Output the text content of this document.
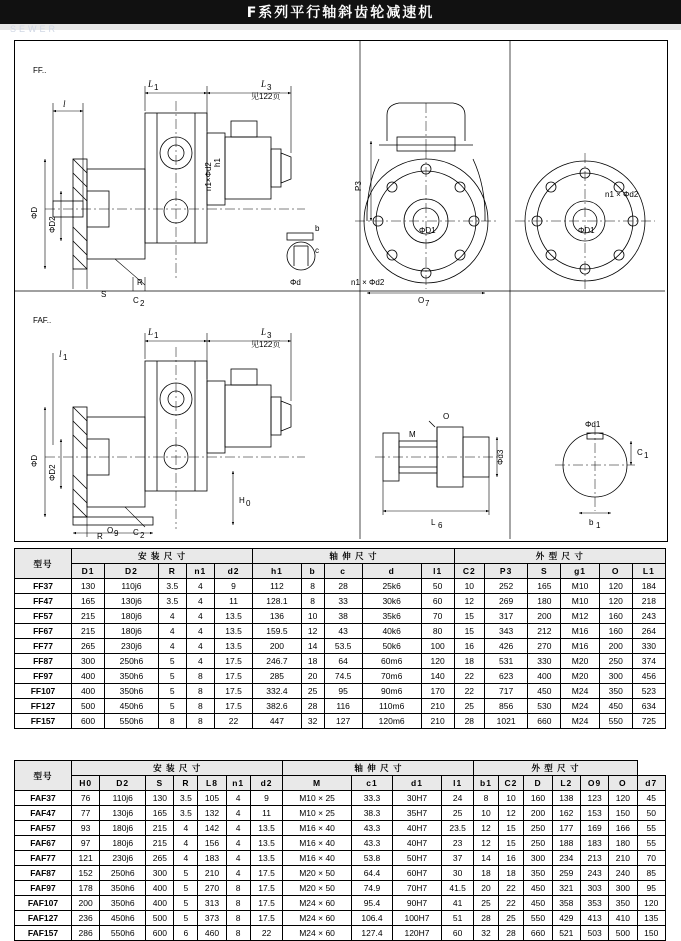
F系列平行轴斜齿轮减速机
SEWER
FF..
L 1	L 3
见122页
l
ΦD
ΦD2
S
R
C 2
b
Φd
c
h1
n1×Φd2
FAF..
L 1	L 3
见122页
l 1
ΦD
ΦD2
H 0
R	C 2
O 9
P3
ΦD1
O 7
n1 × Φd2
ΦD1
n1 × Φd2
O
M
Φd3
L 6
Φd1
C 1
b 1
型号	安 装 尺 寸					轴 伸 尺 寸					外 型 尺 寸					
	D1	D2	R	n1	d2	h1	b	c	d	l1	C2	P3	S	g1	O	L1
FF37	130	110j6	3.5	4	9	112	8	28	25k6	50	10	252	165	M10	120	184
FF47	165	130j6	3.5	4	11	128.1	8	33	30k6	60	12	269	180	M10	120	218
FF57	215	180j6	4	4	13.5	136	10	38	35k6	70	15	317	200	M12	160	243
FF67	215	180j6	4	4	13.5	159.5	12	43	40k6	80	15	343	212	M16	160	264
FF77	265	230j6	4	4	13.5	200	14	53.5	50k6	100	16	426	270	M16	200	330
FF87	300	250h6	5	4	17.5	246.7	18	64	60m6	120	18	531	330	M20	250	374
FF97	400	350h6	5	8	17.5	285	20	74.5	70m6	140	22	623	400	M20	300	456
FF107	400	350h6	5	8	17.5	332.4	25	95	90m6	170	22	717	450	M24	350	523
FF127	500	450h6	5	8	17.5	382.6	28	116	110m6	210	25	856	530	M24	450	634
FF157	600	550h6	8	8	22	447	32	127	120m6	210	28	1021	660	M24	550	725
型号	安 装 尺 寸							轴 伸 尺 寸				外 型 尺 寸						
	H0	D2	S	R	L8	n1	d2	M	c1	d1	l1	b1	C2	D	L2	O9	O	d7
FAF37	76	110j6	130	3.5	105	4	9	M10 × 25	33.3	30H7	24	8	10	160	138	123	120	45
FAF47	77	130j6	165	3.5	132	4	11	M10 × 25	38.3	35H7	25	10	12	200	162	153	150	50
FAF57	93	180j6	215	4	142	4	13.5	M16 × 40	43.3	40H7	23.5	12	15	250	177	169	166	55
FAF67	97	180j6	215	4	156	4	13.5	M16 × 40	43.3	40H7	23	12	15	250	188	183	180	55
FAF77	121	230j6	265	4	183	4	13.5	M16 × 40	53.8	50H7	37	14	16	300	234	213	210	70
FAF87	152	250h6	300	5	210	4	17.5	M20 × 50	64.4	60H7	30	18	18	350	259	243	240	85
FAF97	178	350h6	400	5	270	8	17.5	M20 × 50	74.9	70H7	41.5	20	22	450	321	303	300	95
FAF107	200	350h6	400	5	313	8	17.5	M24 × 60	95.4	90H7	41	25	22	450	358	353	350	120
FAF127	236	450h6	500	5	373	8	17.5	M24 × 60	106.4	100H7	51	28	25	550	429	413	410	135
FAF157	286	550h6	600	6	460	8	22	M24 × 60	127.4	120H7	60	32	28	660	521	503	500	150
